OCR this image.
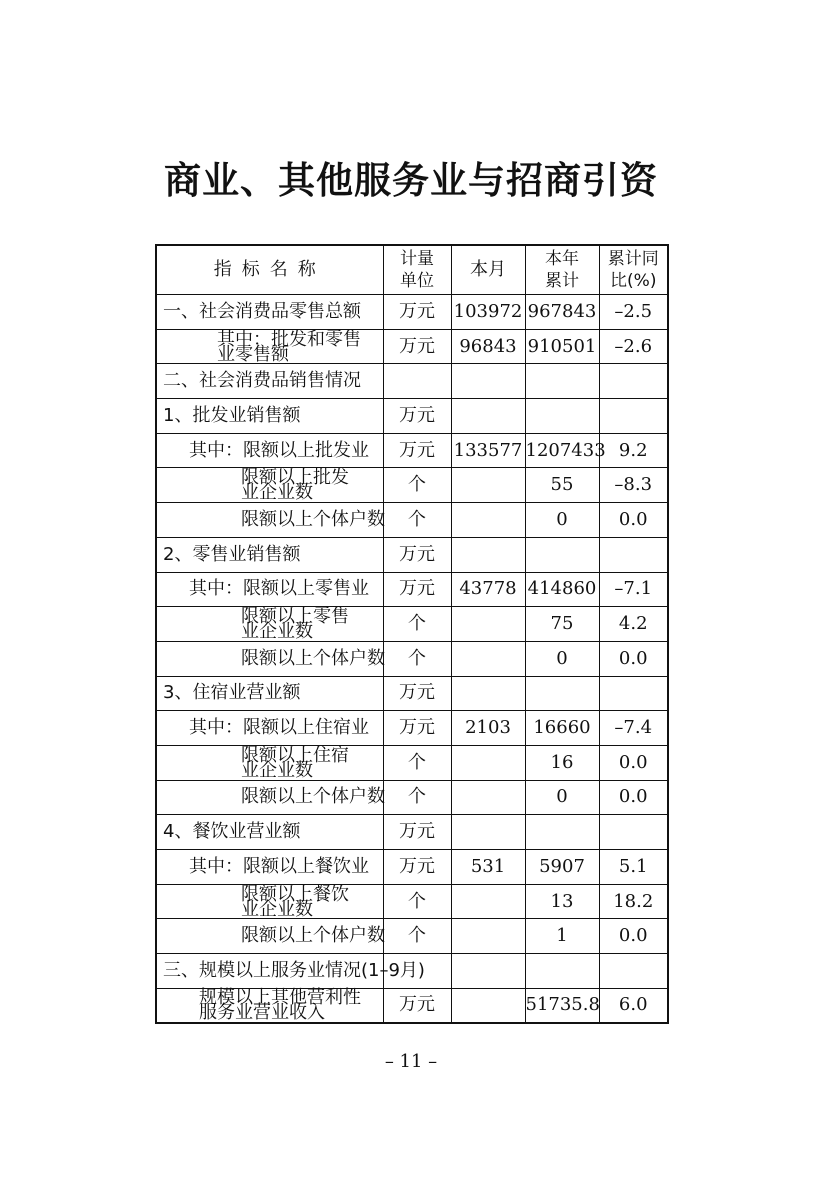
商业、其他服务业与招商引资
指标名称	计量单位	本月	本年累计	累计同比(%)
一、社会消费品零售总额	万元	103972	967843	–2.5
其中：批发和零售业零售额	万元	96843	910501	–2.6
二、社会消费品销售情况				
1、批发业销售额	万元			
其中：限额以上批发业	万元	133577	1207433	9.2
限额以上批发业企业数	个		55	–8.3
限额以上个体户数	个		0	0.0
2、零售业销售额	万元			
其中：限额以上零售业	万元	43778	414860	–7.1
限额以上零售业企业数	个		75	4.2
限额以上个体户数	个		0	0.0
3、住宿业营业额	万元			
其中：限额以上住宿业	万元	2103	16660	–7.4
限额以上住宿业企业数	个		16	0.0
限额以上个体户数	个		0	0.0
4、餐饮业营业额	万元			
其中：限额以上餐饮业	万元	531	5907	5.1
限额以上餐饮业企业数	个		13	18.2
限额以上个体户数	个		1	0.0
三、规模以上服务业情况(1–9月)				
规模以上其他营利性服务业营业收入	万元		51735.8	6.0
– 11 –
